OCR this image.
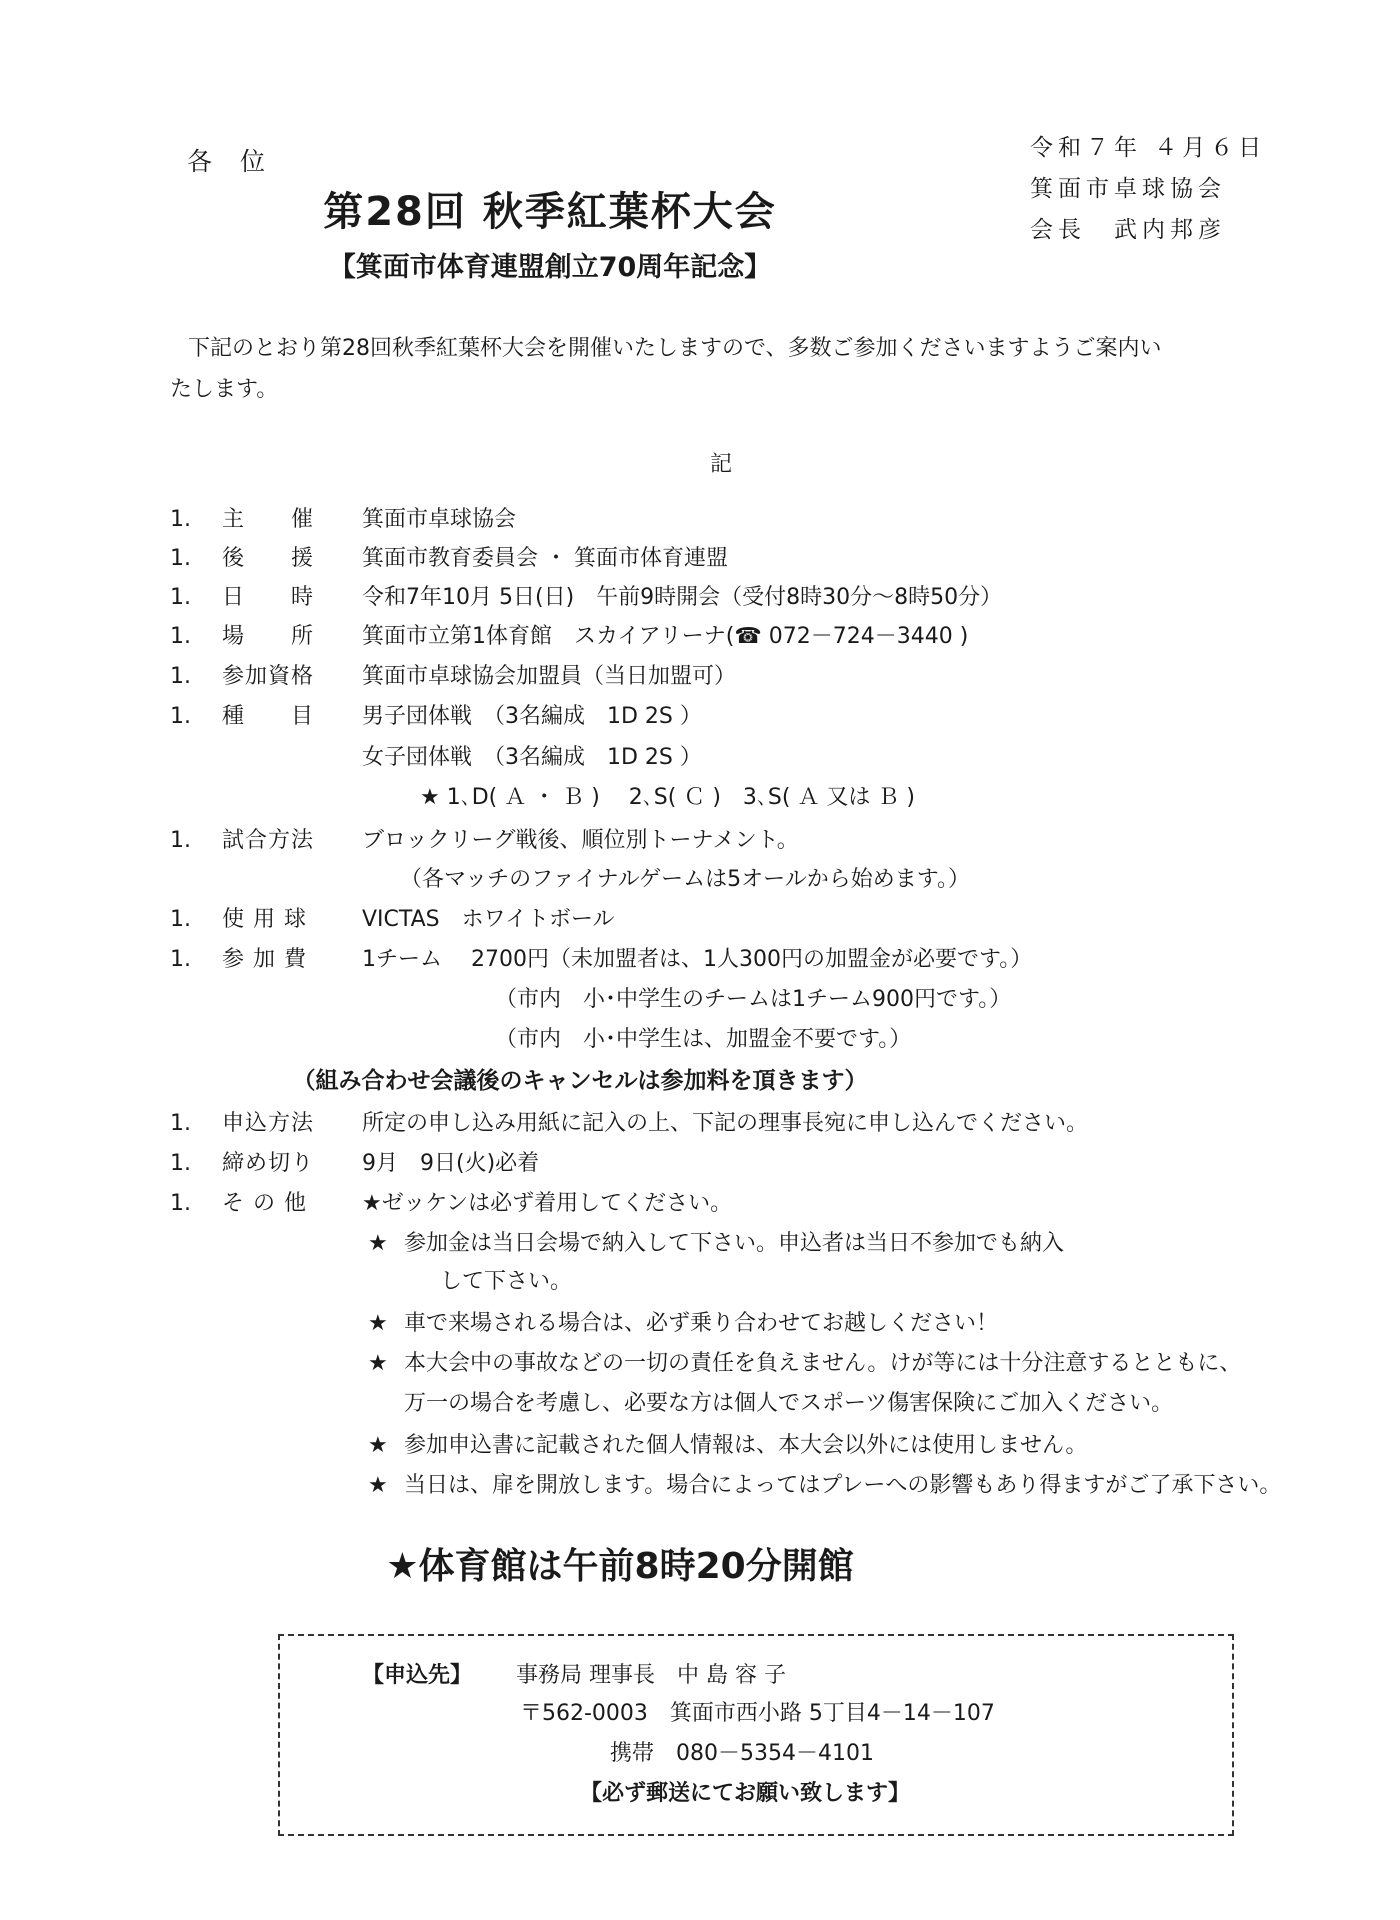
各 位	令和７年 ４月６日
箕面市卓球協会
会長　武内邦彦
第28回 秋季紅葉杯大会
【箕面市体育連盟創立70周年記念】
下記のとおり第28回秋季紅葉杯大会を開催いたしますので、多数ご参加くださいますようご案内いたします。
記
1. 主　　催 箕面市卓球協会
1. 後　　援 箕面市教育委員会 ・ 箕面市体育連盟
1. 日　　時 令和7年10月 5日(日)　午前9時開会（受付8時30分～8時50分）
1. 場　　所 箕面市立第1体育館　スカイアリーナ(☎ 072－724－3440 )
1. 参加資格 箕面市卓球協会加盟員（当日加盟可）
1. 種　　目 男子団体戦　（3名編成　1D 2S ）
女子団体戦　（3名編成　1D 2S ）
★ 1､D( Ａ ・ Ｂ )　 2､S( Ｃ )　3､S( Ａ 又は Ｂ )
1. 試合方法 ブロックリーグ戦後、順位別トーナメント。
（各マッチのファイナルゲームは5オールから始めます。）
1. 使 用 球	VICTAS　ホワイトボール
1. 参 加 費	1チーム　 2700円（未加盟者は、1人300円の加盟金が必要です。）
（市内　小･中学生のチームは1チーム900円です。）
（市内　小･中学生は、加盟金不要です。）
（組み合わせ会議後のキャンセルは参加料を頂きます）
1. 申込方法 所定の申し込み用紙に記入の上、下記の理事長宛に申し込んでください。
1. 締め切り 9月　9日(火)必着
1. そ の 他	★ゼッケンは必ず着用してください。
★ 参加金は当日会場で納入して下さい。申込者は当日不参加でも納入
して下さい。
★ 車で来場される場合は、必ず乗り合わせてお越しください！
★ 本大会中の事故などの一切の責任を負えません。けが等には十分注意するとともに、
万一の場合を考慮し、必要な方は個人でスポーツ傷害保険にご加入ください。
★ 参加申込書に記載された個人情報は、本大会以外には使用しません。
★ 当日は、扉を開放します。場合によってはプレーへの影響もあり得ますがご了承下さい。
★体育館は午前8時20分開館
【申込先】 事務局 理事長　中 島 容 子
〒562-0003　箕面市西小路 5丁目4－14－107
携帯　080－5354－4101
【必ず郵送にてお願い致します】
